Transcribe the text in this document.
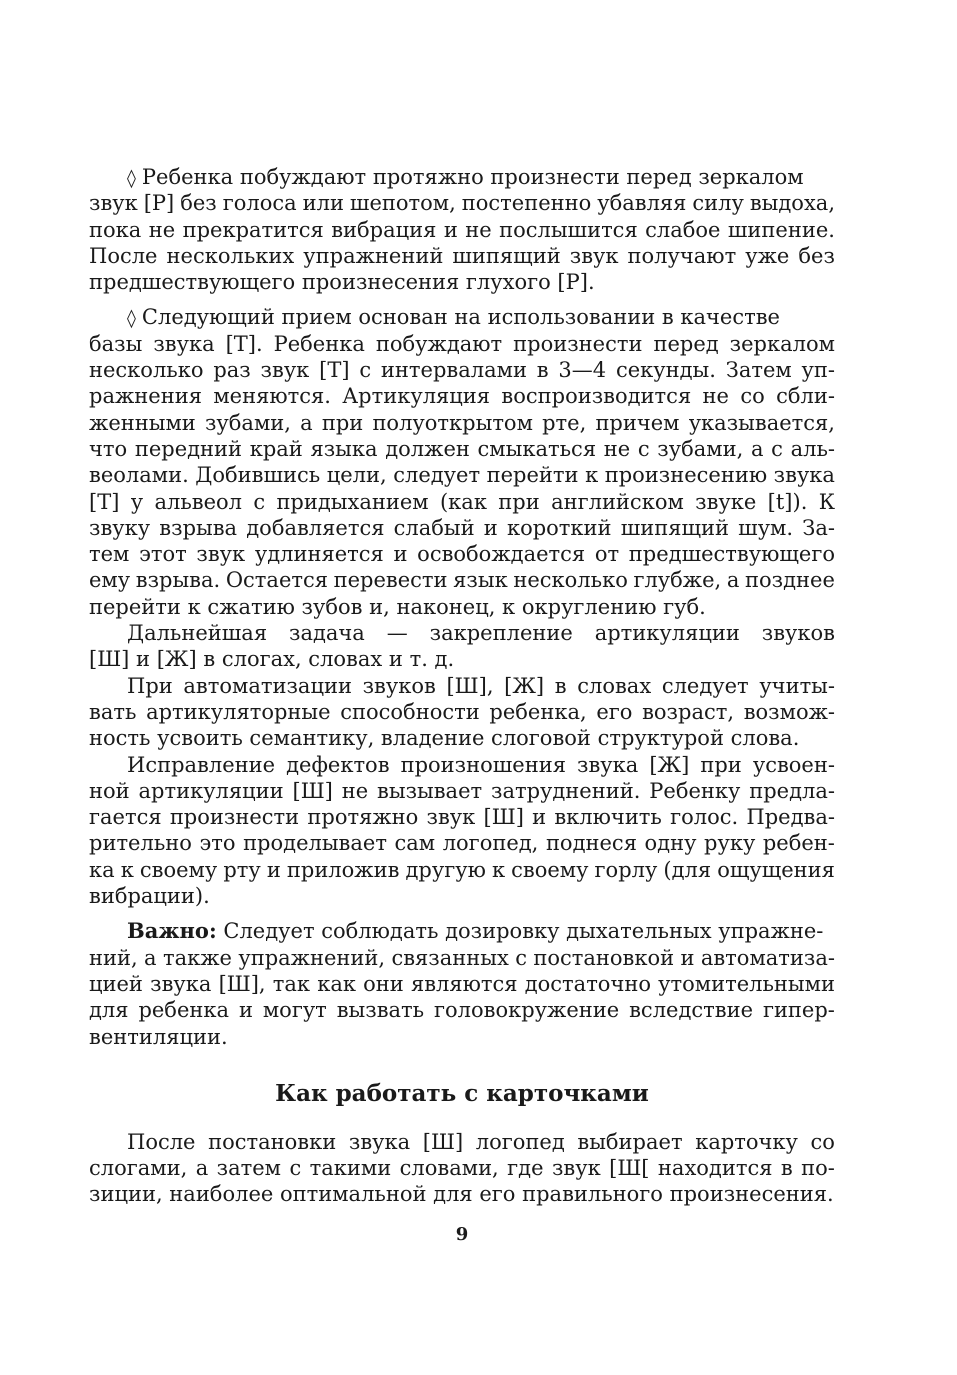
◊ Ребенка побуждают протяжно произнести перед зеркалом
звук [Р] без голоса или шепотом, постепенно убавляя силу выдоха,
пока не прекратится вибрация и не послышится слабое шипение.
После нескольких упражнений шипящий звук получают уже без
предшествующего произнесения глухого [Р].
◊ Следующий прием основан на использовании в качестве
базы звука [Т]. Ребенка побуждают произнести перед зеркалом
несколько раз звук [Т] с интервалами в 3—4 секунды. Затем уп-
ражнения меняются. Артикуляция воспроизводится не со сбли-
женными зубами, а при полуоткрытом рте, причем указывается,
что передний край языка должен смыкаться не с зубами, а с аль-
веолами. Добившись цели, следует перейти к произнесению звука
[Т] у альвеол с придыханием (как при английском звуке [t]). К
звуку взрыва добавляется слабый и короткий шипящий шум. За-
тем этот звук удлиняется и освобождается от предшествующего
ему взрыва. Остается перевести язык несколько глубже, а позднее
перейти к сжатию зубов и, наконец, к округлению губ.
Дальнейшая задача — закрепление артикуляции звуков
[Ш] и [Ж] в слогах, словах и т. д.
При автоматизации звуков [Ш], [Ж] в словах следует учиты-
вать артикуляторные способности ребенка, его возраст, возмож-
ность усвоить семантику, владение слоговой структурой слова.
Исправление дефектов произношения звука [Ж] при усвоен-
ной артикуляции [Ш] не вызывает затруднений. Ребенку предла-
гается произнести протяжно звук [Ш] и включить голос. Предва-
рительно это проделывает сам логопед, поднеся одну руку ребен-
ка к своему рту и приложив другую к своему горлу (для ощущения
вибрации).
Важно: Следует соблюдать дозировку дыхательных упражне-
ний, а также упражнений, связанных с постановкой и автоматиза-
цией звука [Ш], так как они являются достаточно утомительными
для ребенка и могут вызвать головокружение вследствие гипер-
вентиляции.
Как работать с карточками
После постановки звука [Ш] логопед выбирает карточку со
слогами, а затем с такими словами, где звук [Ш[ находится в по-
зиции, наиболее оптимальной для его правильного произнесения.
9
